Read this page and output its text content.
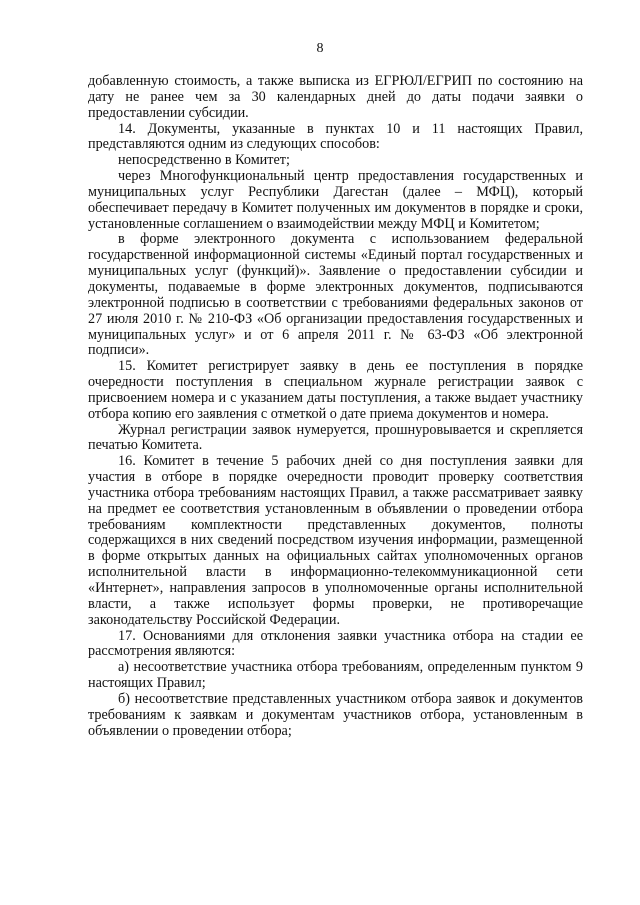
8

добавленную стоимость, а также выписка из ЕГРЮЛ/ЕГРИП по состоянию на дату не ранее чем за 30 календарных дней до даты подачи заявки о предоставлении субсидии.

14. Документы, указанные в пунктах 10 и 11 настоящих Правил, представляются одним из следующих способов:

непосредственно в Комитет;

через Многофункциональный центр предоставления государственных и муниципальных услуг Республики Дагестан (далее – МФЦ), который обеспечивает передачу в Комитет полученных им документов в порядке и сроки, установленные соглашением о взаимодействии между МФЦ и Комитетом;

в форме электронного документа с использованием федеральной государственной информационной системы «Единый портал государственных и муниципальных услуг (функций)». Заявление о предоставлении субсидии и документы, подаваемые в форме электронных документов, подписываются электронной подписью в соответствии с требованиями федеральных законов от 27 июля 2010 г. № 210-ФЗ «Об организации предоставления государственных и муниципальных услуг» и от 6 апреля 2011 г. № 63-ФЗ «Об электронной подписи».

15. Комитет регистрирует заявку в день ее поступления в порядке очередности поступления в специальном журнале регистрации заявок с присвоением номера и с указанием даты поступления, а также выдает участнику отбора копию его заявления с отметкой о дате приема документов и номера.

Журнал регистрации заявок нумеруется, прошнуровывается и скрепляется печатью Комитета.

16. Комитет в течение 5 рабочих дней со дня поступления заявки для участия в отборе в порядке очередности проводит проверку соответствия участника отбора требованиям настоящих Правил, а также рассматривает заявку на предмет ее соответствия установленным в объявлении о проведении отбора требованиям комплектности представленных документов, полноты содержащихся в них сведений посредством изучения информации, размещенной в форме открытых данных на официальных сайтах уполномоченных органов исполнительной власти в информационно-телекоммуникационной сети «Интернет», направления запросов в уполномоченные органы исполнительной власти, а также использует формы проверки, не противоречащие законодательству Российской Федерации.

17. Основаниями для отклонения заявки участника отбора на стадии ее рассмотрения являются:

а) несоответствие участника отбора требованиям, определенным пунктом 9 настоящих Правил;

б) несоответствие представленных участником отбора заявок и документов требованиям к заявкам и документам участников отбора, установленным в объявлении о проведении отбора;
